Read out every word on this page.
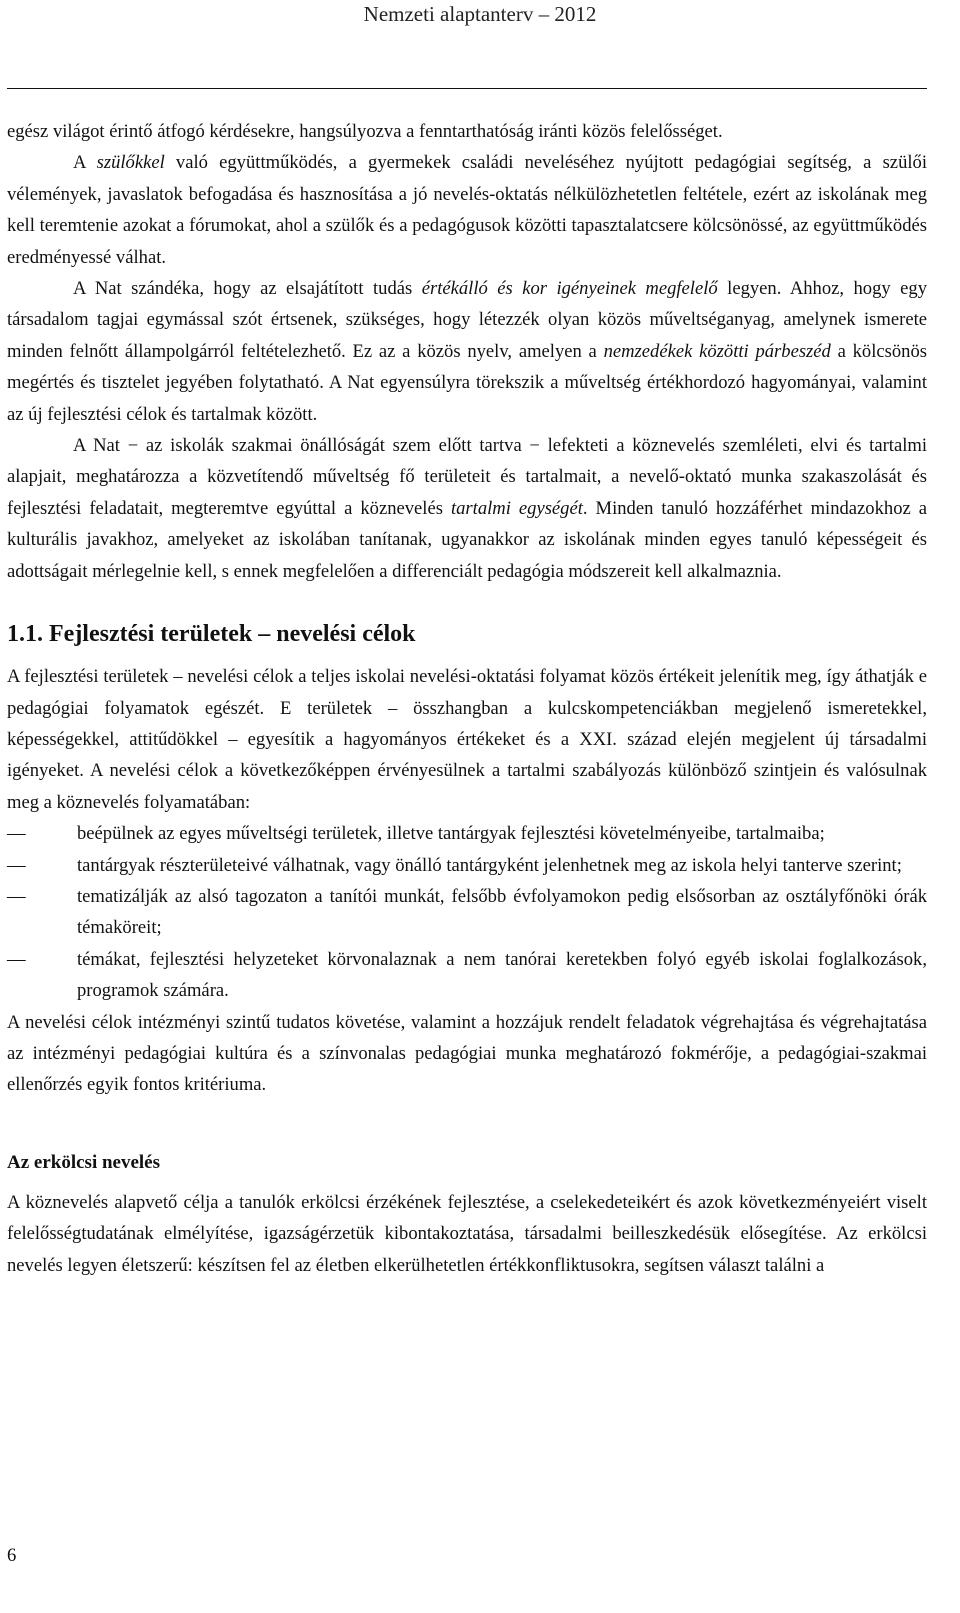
Nemzeti alaptanterv – 2012

egész világot érintő átfogó kérdésekre, hangsúlyozva a fenntarthatóság iránti közös felelősséget.

A szülőkkel való együttműködés, a gyermekek családi neveléséhez nyújtott pedagógiai segítség, a szülői vélemények, javaslatok befogadása és hasznosítása a jó nevelés-oktatás nélkülözhetetlen feltétele, ezért az iskolának meg kell teremtenie azokat a fórumokat, ahol a szülők és a pedagógusok közötti tapasztalatcsere kölcsönössé, az együttműködés eredményessé válhat.

A Nat szándéka, hogy az elsajátított tudás értékálló és kor igényeinek megfelelő legyen. Ahhoz, hogy egy társadalom tagjai egymással szót értsenek, szükséges, hogy létezzék olyan közös műveltséganyag, amelynek ismerete minden felnőtt állampolgárról feltételezhető. Ez az a közös nyelv, amelyen a nemzedékek közötti párbeszéd a kölcsönös megértés és tisztelet jegyében folytatható. A Nat egyensúlyra törekszik a műveltség értékhordozó hagyományai, valamint az új fejlesztési célok és tartalmak között.

A Nat − az iskolák szakmai önállóságát szem előtt tartva − lefekteti a köznevelés szemléleti, elvi és tartalmi alapjait, meghatározza a közvetítendő műveltség fő területeit és tartalmait, a nevelő-oktató munka szakaszolását és fejlesztési feladatait, megteremtve egyúttal a köznevelés tartalmi egységét. Minden tanuló hozzáférhet mindazokhoz a kulturális javakhoz, amelyeket az iskolában tanítanak, ugyanakkor az iskolának minden egyes tanuló képességeit és adottságait mérlegelnie kell, s ennek megfelelően a differenciált pedagógia módszereit kell alkalmaznia.

1.1. Fejlesztési területek – nevelési célok

A fejlesztési területek – nevelési célok a teljes iskolai nevelési-oktatási folyamat közös értékeit jelenítik meg, így áthatják e pedagógiai folyamatok egészét. E területek – összhangban a kulcskompetenciákban megjelenő ismeretekkel, képességekkel, attitűdökkel – egyesítik a hagyományos értékeket és a XXI. század elején megjelent új társadalmi igényeket. A nevelési célok a következőképpen érvényesülnek a tartalmi szabályozás különböző szintjein és valósulnak meg a köznevelés folyamatában:

—	beépülnek az egyes műveltségi területek, illetve tantárgyak fejlesztési követelményeibe, tartalmaiba;
—	tantárgyak részterületeivé válhatnak, vagy önálló tantárgyként jelenhetnek meg az iskola helyi tanterve szerint;
—	tematizálják az alsó tagozaton a tanítói munkát, felsőbb évfolyamokon pedig elsősorban az osztályfőnöki órák témaköreit;
—	témákat, fejlesztési helyzeteket körvonalaznak a nem tanórai keretekben folyó egyéb iskolai foglalkozások, programok számára.

A nevelési célok intézményi szintű tudatos követése, valamint a hozzájuk rendelt feladatok végrehajtása és végrehajtatása az intézményi pedagógiai kultúra és a színvonalas pedagógiai munka meghatározó fokmérője, a pedagógiai-szakmai ellenőrzés egyik fontos kritériuma.

Az erkölcsi nevelés

A köznevelés alapvető célja a tanulók erkölcsi érzékének fejlesztése, a cselekedeteikért és azok következményeiért viselt felelősségtudatának elmélyítése, igazságérzetük kibontakoztatása, társadalmi beilleszkedésük elősegítése. Az erkölcsi nevelés legyen életszerű: készítsen fel az életben elkerülhetetlen értékkonfliktusokra, segítsen választ találni a

6
